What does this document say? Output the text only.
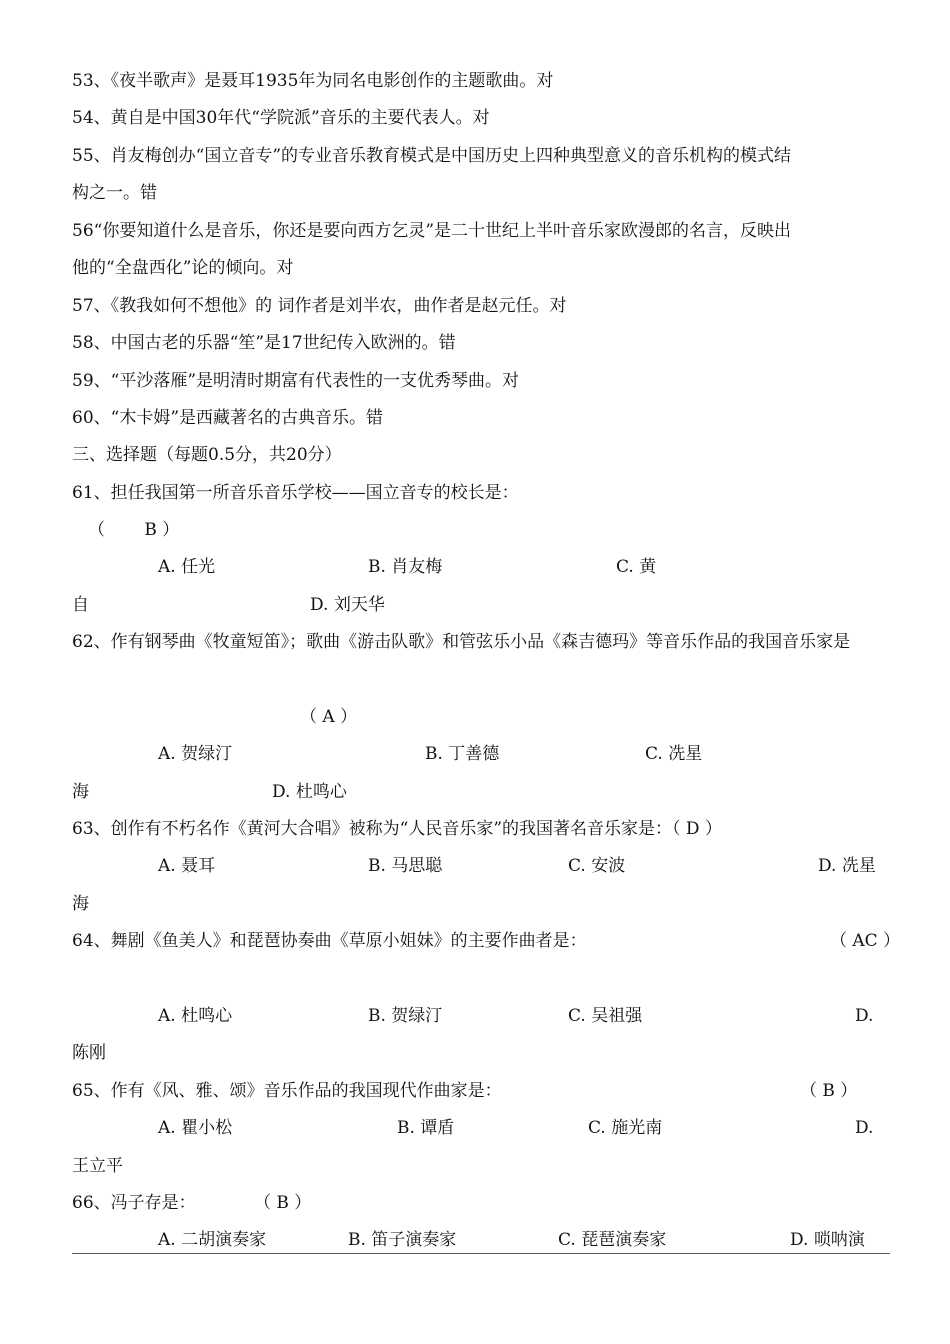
53、《夜半歌声》是聂耳1935年为同名电影创作的主题歌曲。对
54、黄自是中国30年代“学院派”音乐的主要代表人。对
55、肖友梅创办“国立音专”的专业音乐教育模式是中国历史上四种典型意义的音乐机构的模式结
构之一。错
56“你要知道什么是音乐，你还是要向西方乞灵”是二十世纪上半叶音乐家欧漫郎的名言，反映出
他的“全盘西化”论的倾向。对
57、《教我如何不想他》的 词作者是刘半农，曲作者是赵元任。对
58、中国古老的乐器“笙”是17世纪传入欧洲的。错
59、“平沙落雁”是明清时期富有代表性的一支优秀琴曲。对
60、“木卡姆”是西藏著名的古典音乐。错
三、选择题（每题0.5分，共20分）
61、担任我国第一所音乐音乐学校——国立音专的校长是：
（　　 B ）
A. 任光	B. 肖友梅	C. 黄
自	D. 刘天华
62、作有钢琴曲《牧童短笛》；歌曲《游击队歌》和管弦乐小品《森吉德玛》等音乐作品的我国音乐家是
（ A ）
A. 贺绿汀	B. 丁善德	C. 冼星
海	D. 杜鸣心
63、创作有不朽名作《黄河大合唱》被称为“人民音乐家”的我国著名音乐家是：（ D ）
A. 聂耳	B. 马思聪	C. 安波	D. 冼星
海
64、舞剧《鱼美人》和琵琶协奏曲《草原小姐妹》的主要作曲者是：	（ AC ）
A. 杜鸣心	B. 贺绿汀	C. 吴祖强	D.
陈刚
65、作有《风、雅、颂》音乐作品的我国现代作曲家是：	（ B ）
A. 瞿小松	B. 谭盾	C. 施光南	D.
王立平
66、冯子存是：	（ B ）
A. 二胡演奏家	B. 笛子演奏家	C. 琵琶演奏家	D. 唢呐演
